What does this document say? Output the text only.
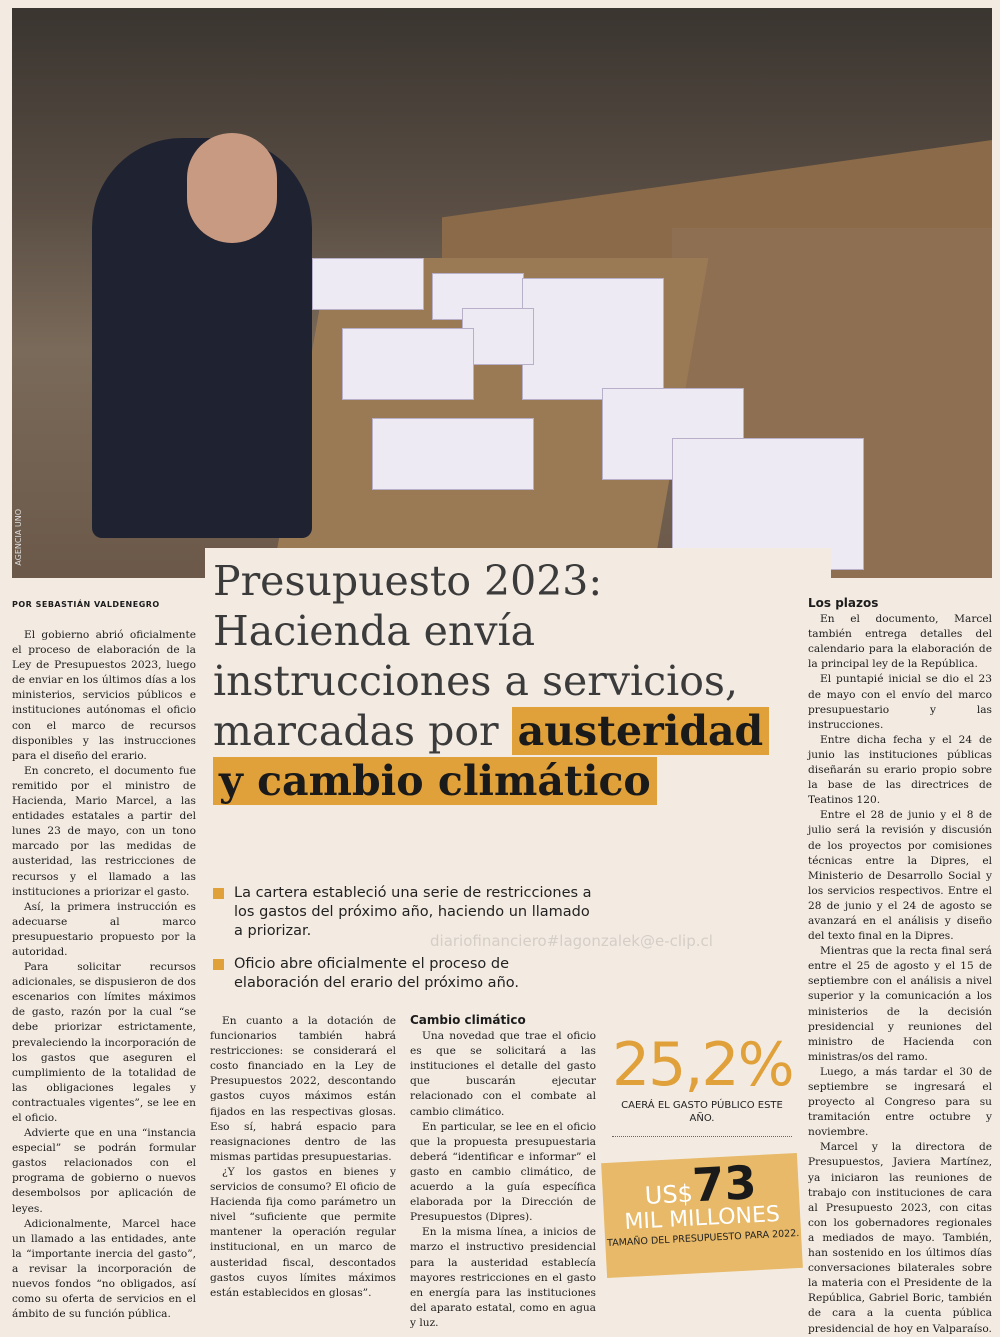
AGENCIA UNO
POR SEBASTIÁN VALDENEGRO Presupuesto 2023:
Hacienda envía
instrucciones a servicios,
marcadas por austeridad
y cambio climático

El gobierno abrió oficialmente el proceso de elaboración de la Ley de Presupuestos 2023, luego de enviar en los últimos días a los ministerios, servicios públicos e instituciones autónomas el oficio con el marco de recursos disponibles y las instrucciones para el diseño del erario.

En concreto, el documento fue remitido por el ministro de Hacienda, Mario Marcel, a las entidades estatales a partir del lunes 23 de mayo, con un tono marcado por las medidas de austeridad, las restricciones de recursos y el llamado a las instituciones a priorizar el gasto.

Así, la primera instrucción es adecuarse al marco presupuestario propuesto por la autoridad.

Para solicitar recursos adicionales, se dispusieron de dos escenarios con límites máximos de gasto, razón por la cual “se debe priorizar estrictamente, prevaleciendo la incorporación de los gastos que aseguren el cumplimiento de la totalidad de las obligaciones legales y contractuales vigentes”, se lee en el oficio.

Advierte que en una “instancia especial” se podrán formular gastos relacionados con el programa de gobierno o nuevos desembolsos por aplicación de leyes.

Adicionalmente, Marcel hace un llamado a las entidades, ante la “importante inercia del gasto”, a revisar la incorporación de nuevos fondos “no obligados, así como su oferta de servicios en el ámbito de su función pública.

La cartera estableció una serie de restricciones a los gastos del próximo año, haciendo un llamado a priorizar.
Oficio abre oficialmente el proceso de elaboración del erario del próximo año.
diariofinanciero#lagonzalek@e-clip.cl

En cuanto a la dotación de funcionarios también habrá restricciones: se considerará el costo financiado en la Ley de Presupuestos 2022, descontando gastos cuyos máximos están fijados en las respectivas glosas. Eso sí, habrá espacio para reasignaciones dentro de las mismas partidas presupuestarias.

¿Y los gastos en bienes y servicios de consumo? El oficio de Hacienda fija como parámetro un nivel “suficiente que permite mantener la operación regular institucional, en un marco de austeridad fiscal, descontados gastos cuyos límites máximos están establecidos en glosas”.

Cambio climático

Una novedad que trae el oficio es que se solicitará a las instituciones el detalle del gasto que buscarán ejecutar relacionado con el combate al cambio climático.

En particular, se lee en el oficio que la propuesta presupuestaria deberá “identificar e informar” el gasto en cambio climático, de acuerdo a la guía específica elaborada por la Dirección de Presupuestos (Dipres).

En la misma línea, a inicios de marzo el instructivo presidencial para la austeridad establecía mayores restricciones en el gasto en energía para las instituciones del aparato estatal, como en agua y luz.

25,2%
CAERÁ EL GASTO PÚBLICO ESTE AÑO.
US$73
MIL MILLONES
TAMAÑO DEL PRESUPUESTO PARA 2022.
Los plazos

En el documento, Marcel también entrega detalles del calendario para la elaboración de la principal ley de la República.

El puntapié inicial se dio el 23 de mayo con el envío del marco presupuestario y las instrucciones.

Entre dicha fecha y el 24 de junio las instituciones públicas diseñarán su erario propio sobre la base de las directrices de Teatinos 120.

Entre el 28 de junio y el 8 de julio será la revisión y discusión de los proyectos por comisiones técnicas entre la Dipres, el Ministerio de Desarrollo Social y los servicios respectivos. Entre el 28 de junio y el 24 de agosto se avanzará en el análisis y diseño del texto final en la Dipres.

Mientras que la recta final será entre el 25 de agosto y el 15 de septiembre con el análisis a nivel superior y la comunicación a los ministerios de la decisión presidencial y reuniones del ministro de Hacienda con ministras/os del ramo.

Luego, a más tardar el 30 de septiembre se ingresará el proyecto al Congreso para su tramitación entre octubre y noviembre.

Marcel y la directora de Presupuestos, Javiera Martínez, ya iniciaron las reuniones de trabajo con instituciones de cara al Presupuesto 2023, con citas con los gobernadores regionales a mediados de mayo. También, han sostenido en los últimos días conversaciones bilaterales sobre la materia con el Presidente de la República, Gabriel Boric, también de cara a la cuenta pública presidencial de hoy en Valparaíso.
